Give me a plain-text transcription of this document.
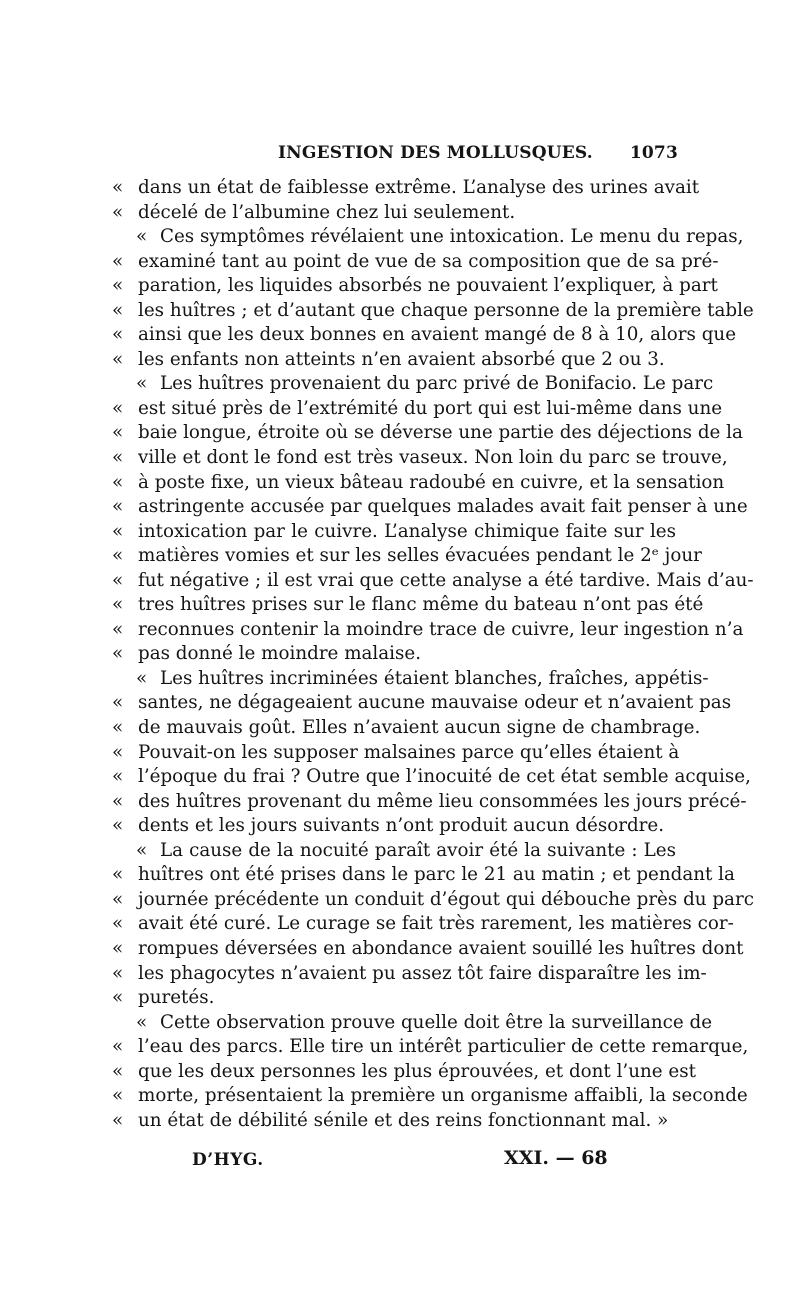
INGESTION DES MOLLUSQUES. 1073
« dans un état de faiblesse extrême. L’analyse des urines avait
« décelé de l’albumine chez lui seulement.
« Ces symptômes révélaient une intoxication. Le menu du repas,
« examiné tant au point de vue de sa composition que de sa pré-
« paration, les liquides absorbés ne pouvaient l’expliquer, à part
« les huîtres ; et d’autant que chaque personne de la première table
« ainsi que les deux bonnes en avaient mangé de 8 à 10, alors que
« les enfants non atteints n’en avaient absorbé que 2 ou 3.
« Les huîtres provenaient du parc privé de Bonifacio. Le parc
« est situé près de l’extrémité du port qui est lui-même dans une
« baie longue, étroite où se déverse une partie des déjections de la
« ville et dont le fond est très vaseux. Non loin du parc se trouve,
« à poste fixe, un vieux bâteau radoubé en cuivre, et la sensation
« astringente accusée par quelques malades avait fait penser à une
« intoxication par le cuivre. L’analyse chimique faite sur les
« matières vomies et sur les selles évacuées pendant le 2ᵉ jour
« fut négative ; il est vrai que cette analyse a été tardive. Mais d’au-
« tres huîtres prises sur le flanc même du bateau n’ont pas été
« reconnues contenir la moindre trace de cuivre, leur ingestion n’a
« pas donné le moindre malaise.
« Les huîtres incriminées étaient blanches, fraîches, appétis-
« santes, ne dégageaient aucune mauvaise odeur et n’avaient pas
« de mauvais goût. Elles n’avaient aucun signe de chambrage.
« Pouvait-on les supposer malsaines parce qu’elles étaient à
« l’époque du frai ? Outre que l’inocuité de cet état semble acquise,
« des huîtres provenant du même lieu consommées les jours précé-
« dents et les jours suivants n’ont produit aucun désordre.
« La cause de la nocuité paraît avoir été la suivante : Les
« huîtres ont été prises dans le parc le 21 au matin ; et pendant la
« journée précédente un conduit d’égout qui débouche près du parc
« avait été curé. Le curage se fait très rarement, les matières cor-
« rompues déversées en abondance avaient souillé les huîtres dont
« les phagocytes n’avaient pu assez tôt faire disparaître les im-
« puretés.
« Cette observation prouve quelle doit être la surveillance de
« l’eau des parcs. Elle tire un intérêt particulier de cette remarque,
« que les deux personnes les plus éprouvées, et dont l’une est
« morte, présentaient la première un organisme affaibli, la seconde
« un état de débilité sénile et des reins fonctionnant mal. »
D’HYG.	XXI. — 68
